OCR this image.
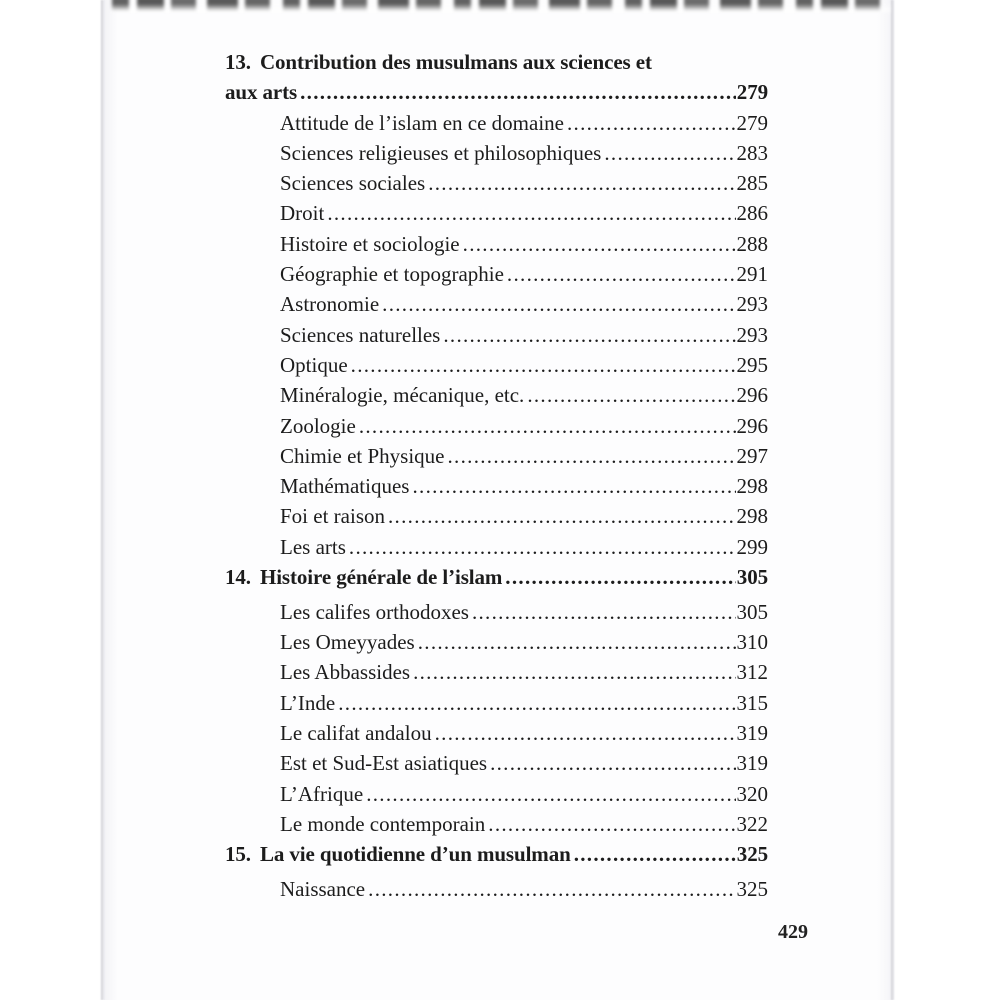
13. Contribution des musulmans aux sciences et
aux arts .....	279
Attitude de l’islam en ce domaine .....	279
Sciences religieuses et philosophiques .....	283
Sciences sociales .....	285
Droit .....	286
Histoire et sociologie .....	288
Géographie et topographie .....	291
Astronomie .....	293
Sciences naturelles .....	293
Optique .....	295
Minéralogie, mécanique, etc. .....	296
Zoologie .....	296
Chimie et Physique .....	297
Mathématiques .....	298
Foi et raison .....	298
Les arts .....	299
14. Histoire générale de l’islam .....	305
Les califes orthodoxes .....	305
Les Omeyyades .....	310
Les Abbassides .....	312
L’Inde .....	315
Le califat andalou .....	319
Est et Sud-Est asiatiques .....	319
L’Afrique .....	320
Le monde contemporain .....	322
15. La vie quotidienne d’un musulman .....	325
Naissance .....	325
429
